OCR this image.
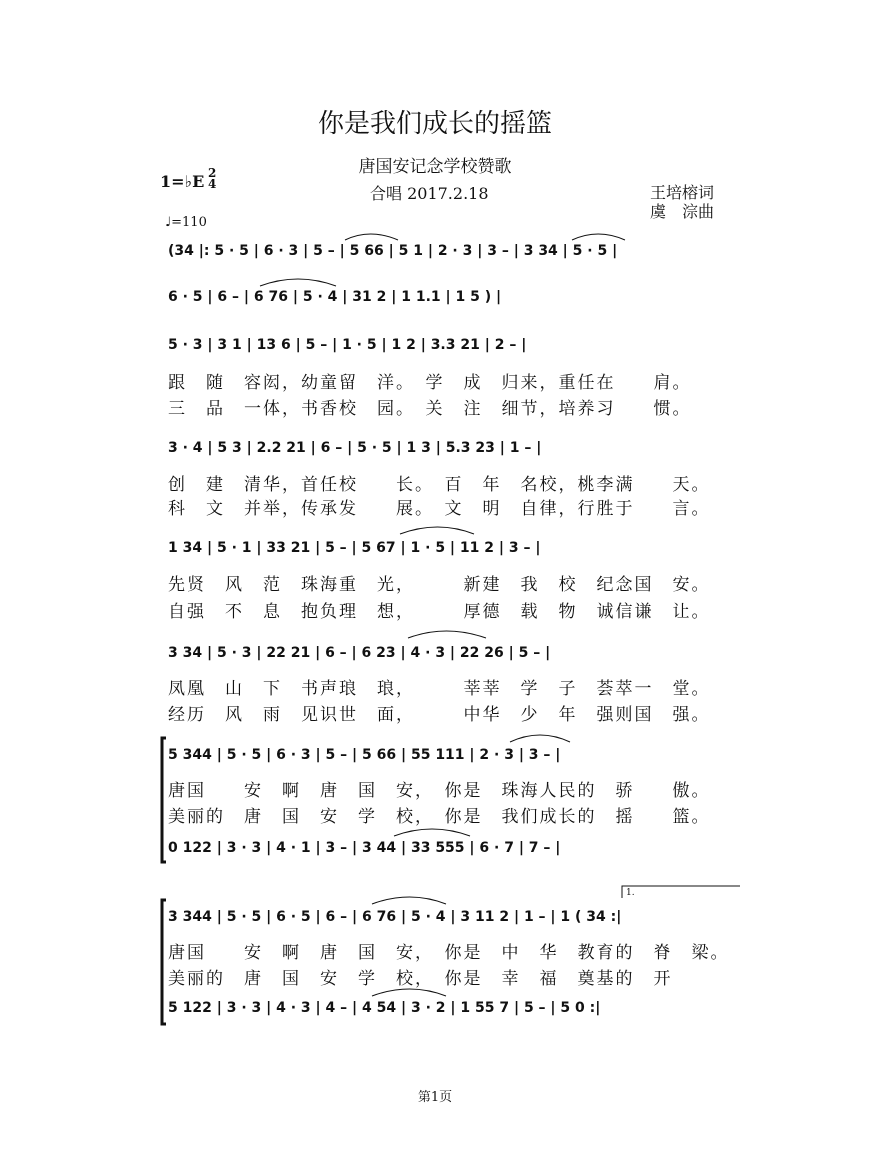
你是我们成长的摇篮
唐国安记念学校赞歌
1=♭E 2
4	合唱 2017.2.18	王培榕词
虞　淙曲
♩=110
(34 |: 5 · 5 | 6 · 3 | 5 – | 5 66 | 5 1 | 2 · 3 | 3 – | 3 34 | 5 · 5 |
6 · 5 | 6 – | 6 76 | 5 · 4 | 31 2 | 1 1.1 | 1 5 ) |
5 · 3 | 3 1 | 13 6 | 5 – | 1 · 5 | 1 2 | 3.3 21 | 2 – |
跟　随　容闳，幼童留　洋。　学　成　归来，重任在　　肩。
三　品　一体，书香校　园。　关　注　细节，培养习　　惯。
3 · 4 | 5 3 | 2.2 21 | 6 – | 5 · 5 | 1 3 | 5.3 23 | 1 – |
创　建　清华，首任校　　长。　百　年　名校，桃李满　　天。
科　文　并举，传承发　　展。　文　明　自律，行胜于　　言。
1 34 | 5 · 1 | 33 21 | 5 – | 5 67 | 1 · 5 | 11 2 | 3 – |
先贤　风　范　珠海重　光，　　　新建　我　校　纪念国　安。
自强　不　息　抱负理　想，　　　厚德　载　物　诚信谦　让。
3 34 | 5 · 3 | 22 21 | 6 – | 6 23 | 4 · 3 | 22 26 | 5 – |
凤凰　山　下　书声琅　琅，　　　莘莘　学　子　荟萃一　堂。
经历　风　雨　见识世　面，　　　中华　少　年　强则国　强。
5 344 | 5 · 5 | 6 · 3 | 5 – | 5 66 | 55 111 | 2 · 3 | 3 – |
唐国　　安　啊　唐　国　安，　你是　珠海人民的　骄　　傲。
美丽的　唐　国　安　学　校，　你是　我们成长的　摇　　篮。
0 122 | 3 · 3 | 4 · 1 | 3 – | 3 44 | 33 555 | 6 · 7 | 7 – |
3 344 | 5 · 5 | 6 · 5 | 6 – | 6 76 | 5 · 4 | 3 11 2 | 1 – | 1 ( 34 :|
1.
唐国　　安　啊　唐　国　安，　你是　中　华　教育的　脊　梁。
美丽的　唐　国　安　学　校，　你是　幸　福　奠基的　开
5 122 | 3 · 3 | 4 · 3 | 4 – | 4 54 | 3 · 2 | 1 55 7 | 5 – | 5 0 :|
第1页
